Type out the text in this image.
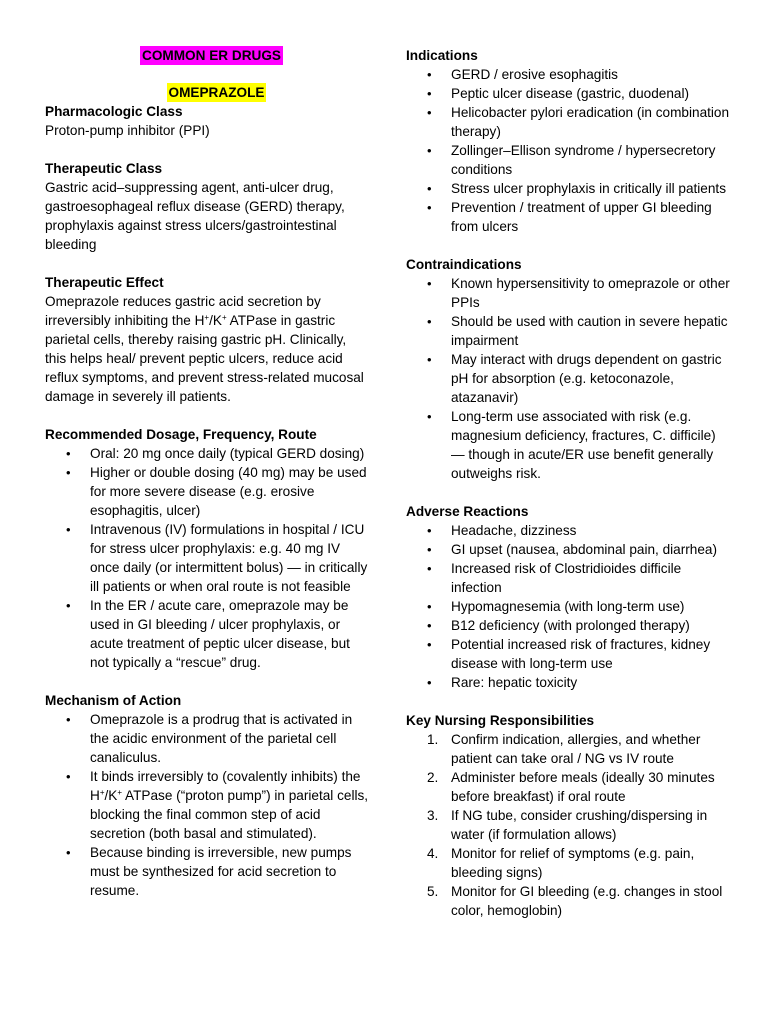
COMMON ER DRUGS
OMEPRAZOLE
Pharmacologic Class

Proton-pump inhibitor (PPI)

Therapeutic Class

Gastric acid–suppressing agent, anti-ulcer drug, gastroesophageal reflux disease (GERD) therapy, prophylaxis against stress ulcers/gastrointestinal bleeding

Therapeutic Effect

Omeprazole reduces gastric acid secretion by irreversibly inhibiting the H+/K+ ATPase in gastric parietal cells, thereby raising gastric pH. Clinically, this helps heal/ prevent peptic ulcers, reduce acid reflux symptoms, and prevent stress-related mucosal damage in severely ill patients.

Recommended Dosage, Frequency, Route
• Oral: 20 mg once daily (typical GERD dosing)
• Higher or double dosing (40 mg) may be used for more severe disease (e.g. erosive esophagitis, ulcer)
• Intravenous (IV) formulations in hospital / ICU for stress ulcer prophylaxis: e.g. 40 mg IV once daily (or intermittent bolus) — in critically ill patients or when oral route is not feasible
• In the ER / acute care, omeprazole may be used in GI bleeding / ulcer prophylaxis, or acute treatment of peptic ulcer disease, but not typically a “rescue” drug.
Mechanism of Action
• Omeprazole is a prodrug that is activated in the acidic environment of the parietal cell canaliculus.
• It binds irreversibly to (covalently inhibits) the H+/K+ ATPase (“proton pump”) in parietal cells, blocking the final common step of acid secretion (both basal and stimulated).
• Because binding is irreversible, new pumps must be synthesized for acid secretion to resume.
Indications
• GERD / erosive esophagitis
• Peptic ulcer disease (gastric, duodenal)
• Helicobacter pylori eradication (in combination therapy)
• Zollinger–Ellison syndrome / hypersecretory conditions
• Stress ulcer prophylaxis in critically ill patients
• Prevention / treatment of upper GI bleeding from ulcers
Contraindications
• Known hypersensitivity to omeprazole or other PPIs
• Should be used with caution in severe hepatic impairment
• May interact with drugs dependent on gastric pH for absorption (e.g. ketoconazole, atazanavir)
• Long-term use associated with risk (e.g. magnesium deficiency, fractures, C. difficile) — though in acute/ER use benefit generally outweighs risk.
Adverse Reactions
• Headache, dizziness
• GI upset (nausea, abdominal pain, diarrhea)
• Increased risk of Clostridioides difficile infection
• Hypomagnesemia (with long-term use)
• B12 deficiency (with prolonged therapy)
• Potential increased risk of fractures, kidney disease with long-term use
• Rare: hepatic toxicity
Key Nursing Responsibilities
1. Confirm indication, allergies, and whether patient can take oral / NG vs IV route
2. Administer before meals (ideally 30 minutes before breakfast) if oral route
3. If NG tube, consider crushing/dispersing in water (if formulation allows)
4. Monitor for relief of symptoms (e.g. pain, bleeding signs)
5. Monitor for GI bleeding (e.g. changes in stool color, hemoglobin)
